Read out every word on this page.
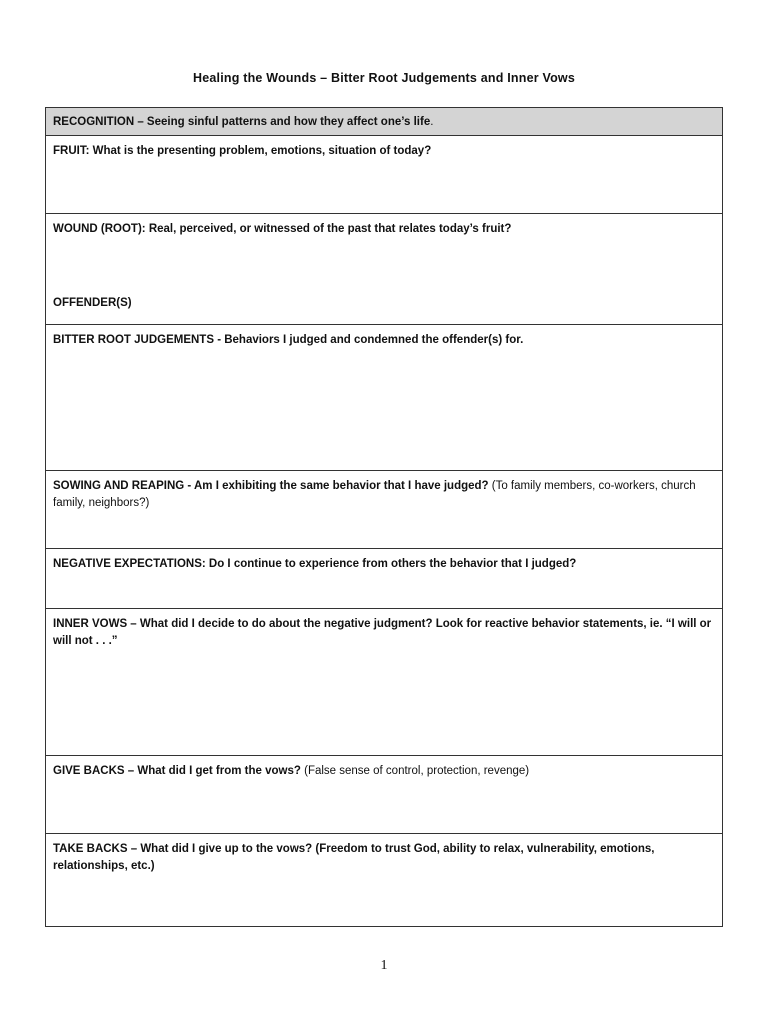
Healing the Wounds – Bitter Root Judgements and Inner Vows
RECOGNITION – Seeing sinful patterns and how they affect one’s life.
FRUIT: What is the presenting problem, emotions, situation of today?

WOUND (ROOT): Real, perceived, or witnessed of the past that relates today’s fruit?
OFFENDER(S)

BITTER ROOT JUDGEMENTS - Behaviors I judged and condemned the offender(s) for.
SOWING AND REAPING - Am I exhibiting the same behavior that I have judged? (To family members, co-workers, church family, neighbors?)
NEGATIVE EXPECTATIONS: Do I continue to experience from others the behavior that I judged?
INNER VOWS – What did I decide to do about the negative judgment? Look for reactive behavior statements, ie. “I will or will not . . .”
GIVE BACKS – What did I get from the vows? (False sense of control, protection, revenge)
TAKE BACKS – What did I give up to the vows? (Freedom to trust God, ability to relax, vulnerability, emotions, relationships, etc.)
1
